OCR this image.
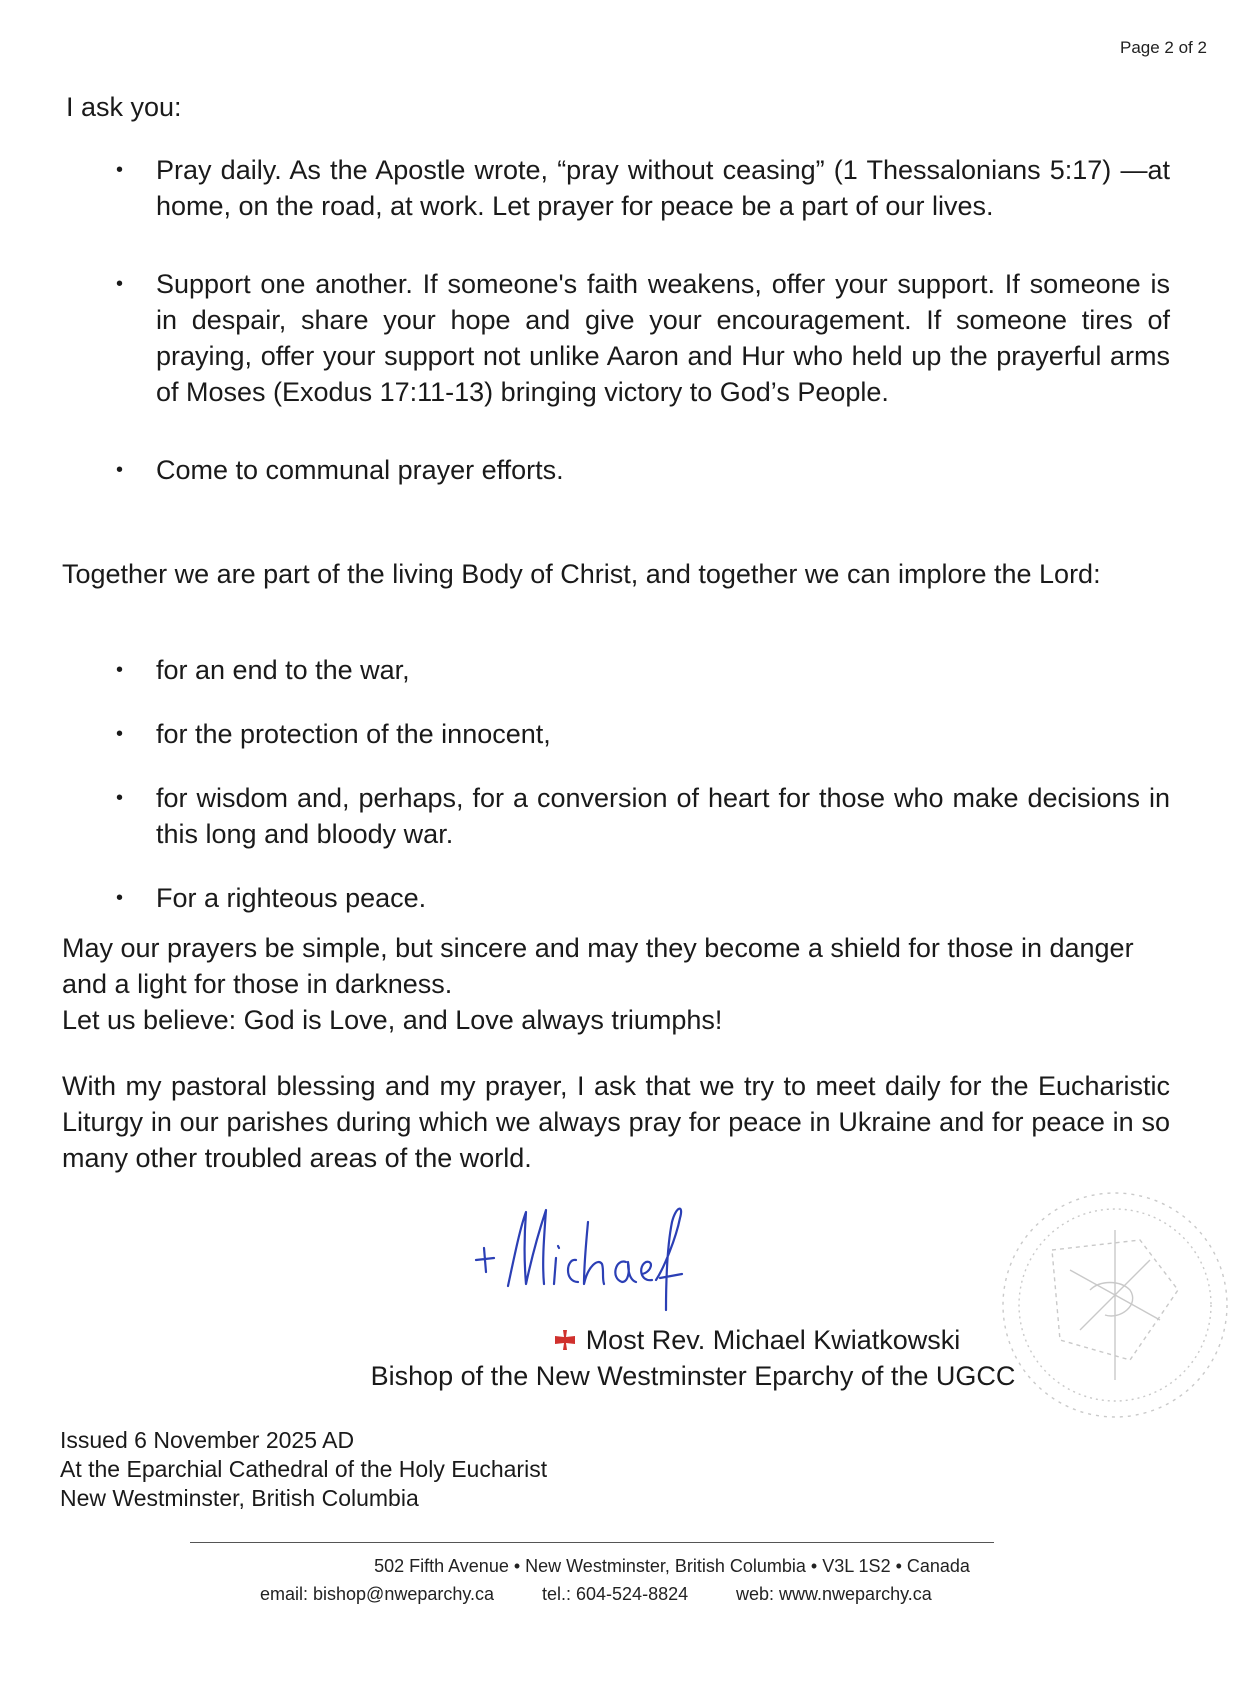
Page 2 of 2

I ask you:

• Pray daily. As the Apostle wrote, “pray without ceasing” (1 Thessalonians 5:17) —at home, on the road, at work. Let prayer for peace be a part of our lives.
• Support one another. If someone's faith weakens, offer your support. If someone is in despair, share your hope and give your encouragement. If someone tires of praying, offer your support not unlike Aaron and Hur who held up the prayerful arms of Moses (Exodus 17:11-13) bringing victory to God’s People.
• Come to communal prayer efforts.

Together we are part of the living Body of Christ, and together we can implore the Lord:

• for an end to the war,
• for the protection of the innocent,
• for wisdom and, perhaps, for a conversion of heart for those who make decisions in this long and bloody war.
• For a righteous peace.

May our prayers be simple, but sincere and may they become a shield for those in danger and a light for those in darkness.

Let us believe: God is Love, and Love always triumphs!

With my pastoral blessing and my prayer, I ask that we try to meet daily for the Eucharistic Liturgy in our parishes during which we always pray for peace in Ukraine and for peace in so many other troubled areas of the world.

Most Rev. Michael Kwiatkowski
Bishop of the New Westminster Eparchy of the UGCC
Issued 6 November 2025 AD
At the Eparchial Cathedral of the Holy Eucharist
New Westminster, British Columbia
502 Fifth Avenue • New Westminster, British Columbia • V3L 1S2 • Canada
email: bishop@nweparchy.ca	tel.: 604-524-8824	web: www.nweparchy.ca
